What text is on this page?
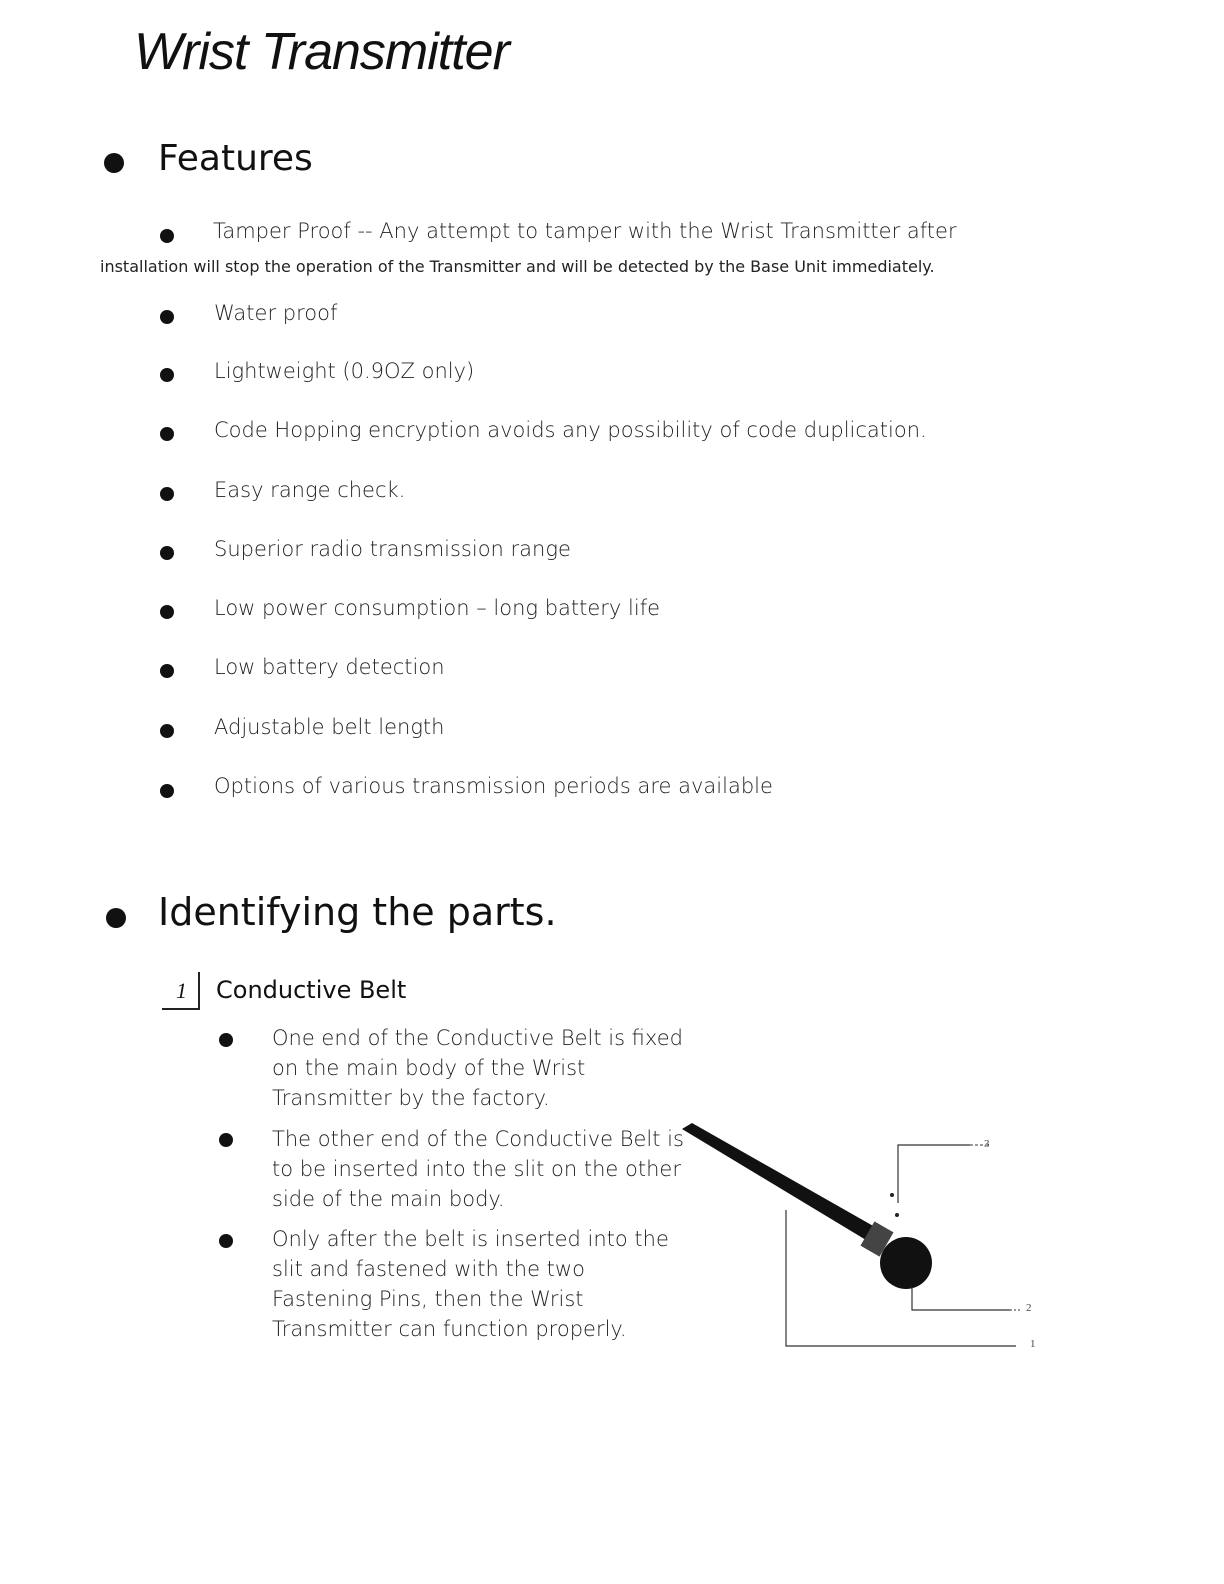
Wrist Transmitter
Features
Tamper Proof -- Any attempt to tamper with the Wrist Transmitter after
installation will stop the operation of the Transmitter and will be detected by the Base Unit immediately.
Water proof
Lightweight (0.9OZ only)
Code Hopping encryption avoids any possibility of code duplication.
Easy range check.
Superior radio transmission range
Low power consumption – long battery life
Low battery detection
Adjustable belt length
Options of various transmission periods are available
Identifying the parts.
1 Conductive Belt
One end of the Conductive Belt is fixed
on the main body of the Wrist
Transmitter by the factory.
The other end of the Conductive Belt is
to be inserted into the slit on the other
side of the main body.
Only after the belt is inserted into the
slit and fastened with the two
Fastening Pins, then the Wrist
Transmitter can function properly.
3
2
1
